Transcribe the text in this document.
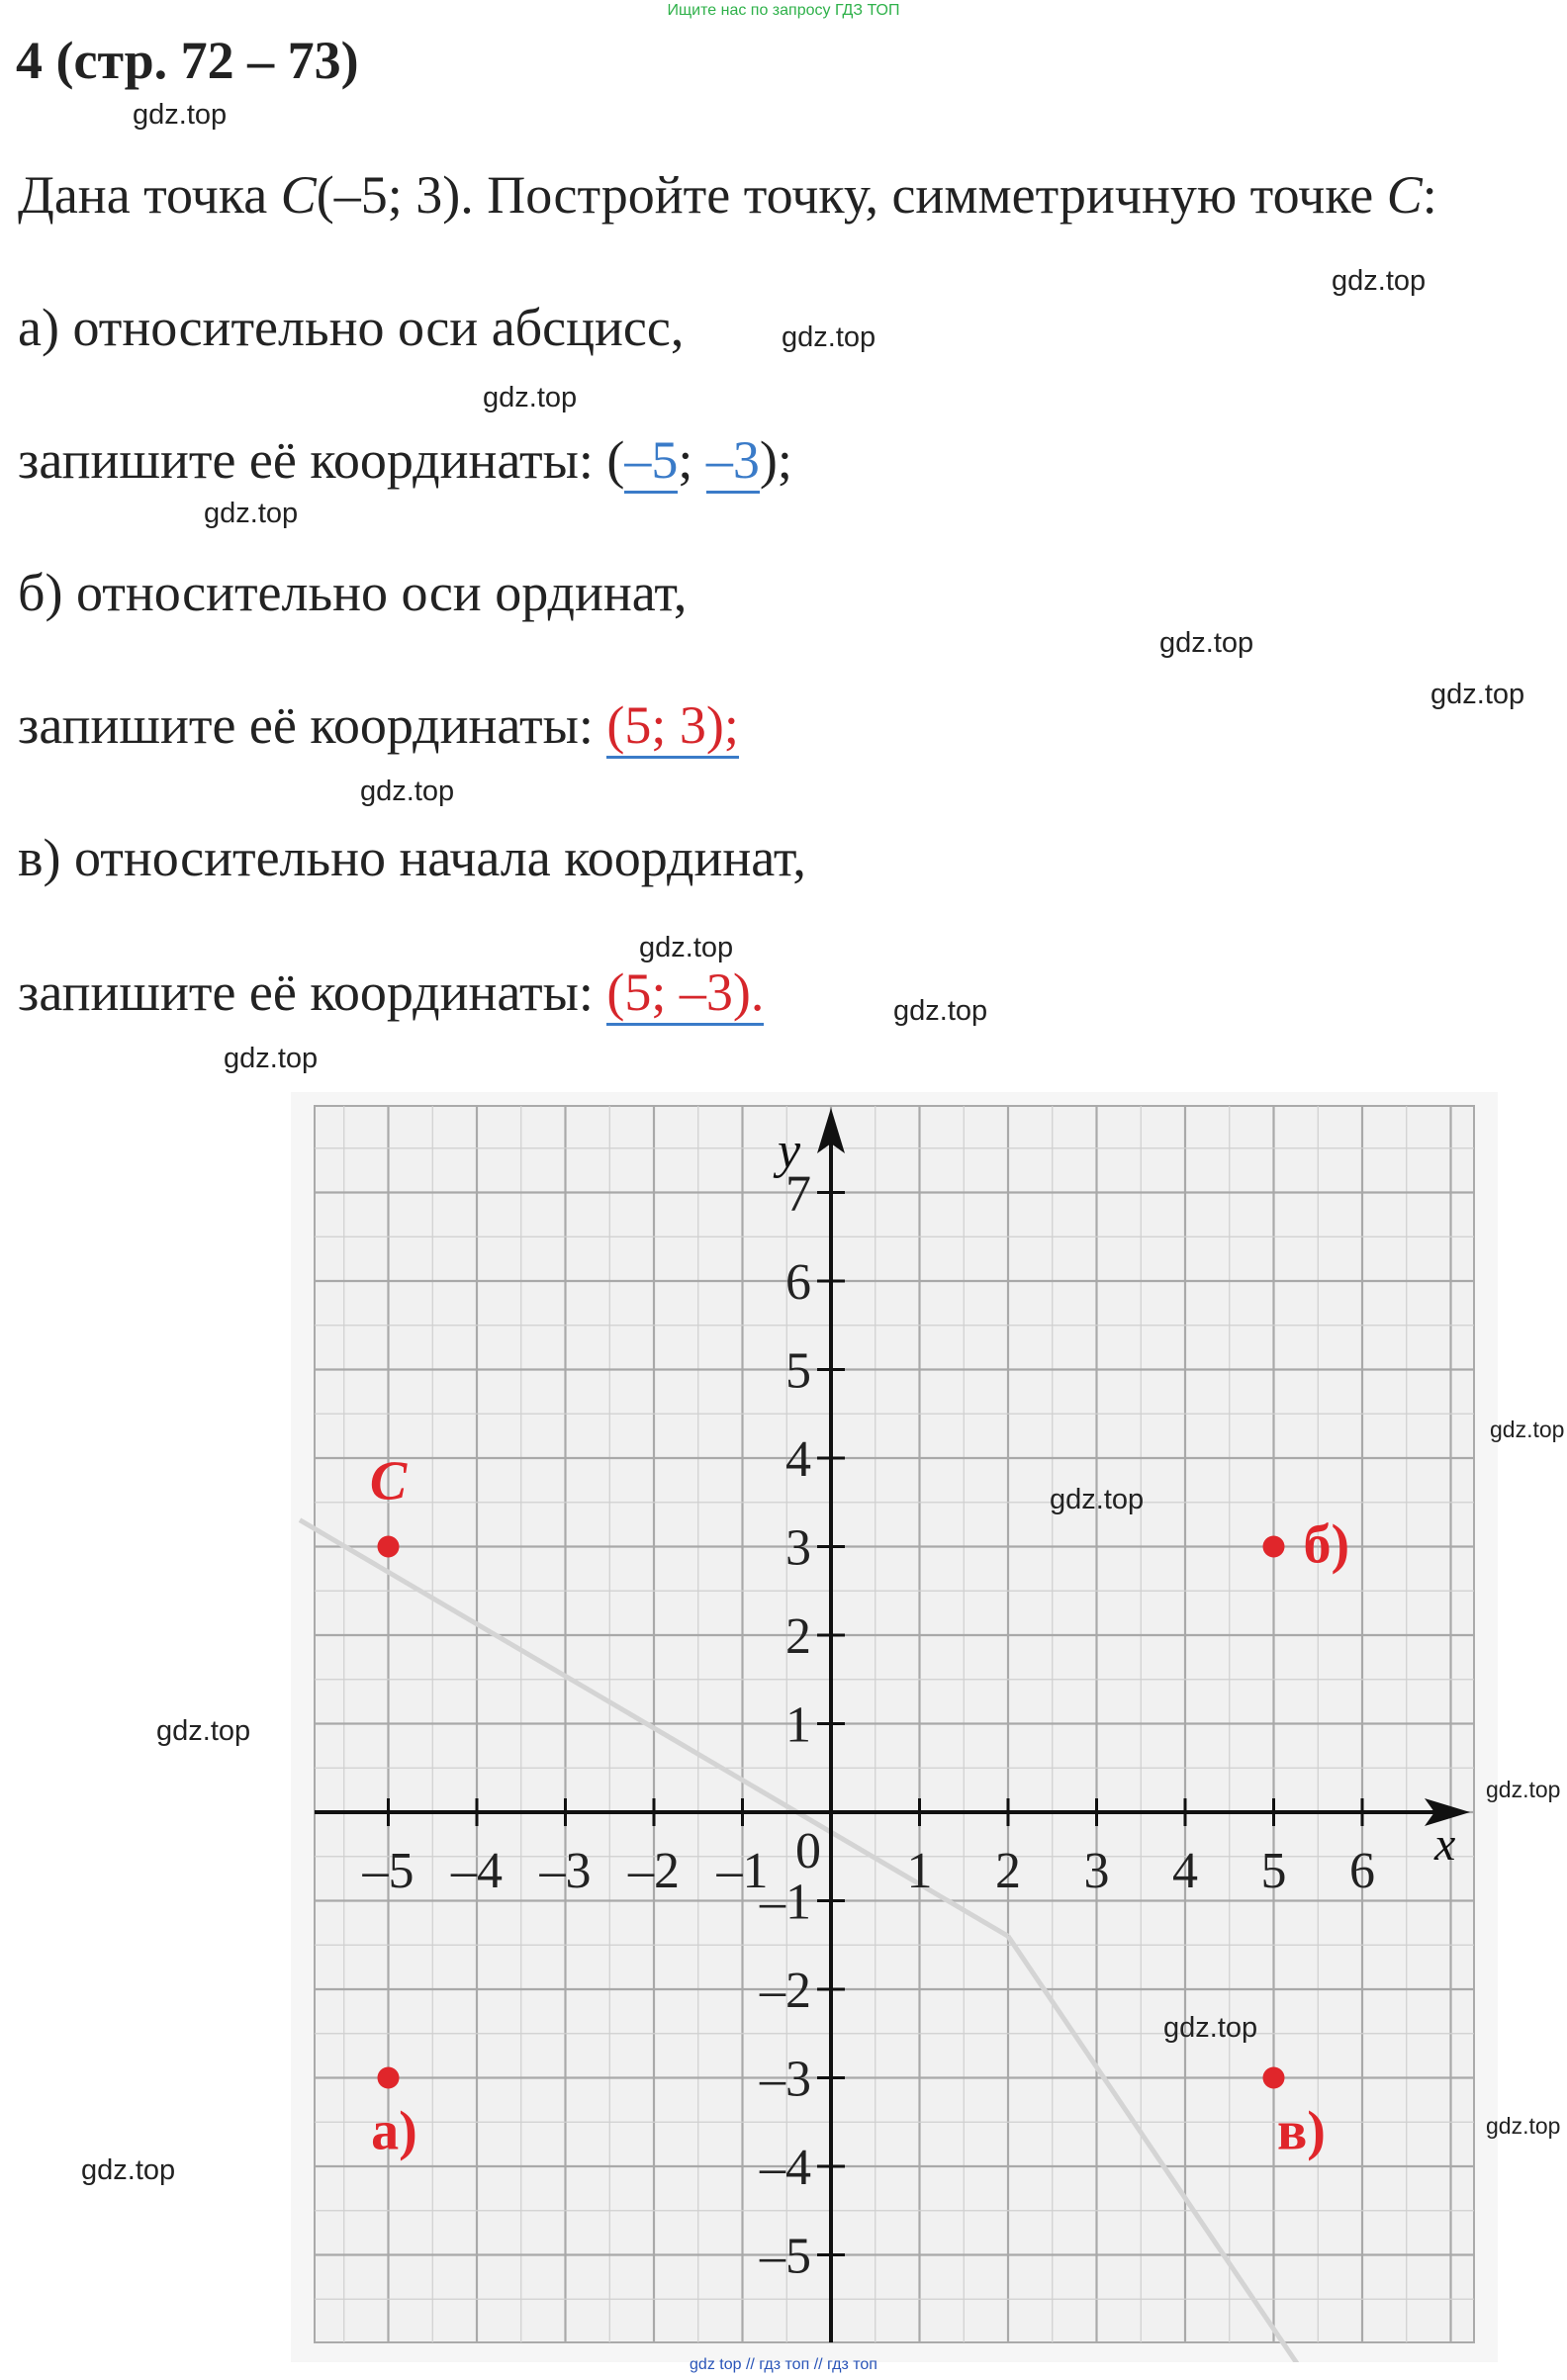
Ищите нас по запросу ГДЗ ТОП
4 (стр. 72 – 73)
gdz.top
Дана точка C(–5; 3). Постройте точку, симметричную точке C:
gdz.top
а) относительно оси абсцисс,	gdz.top
gdz.top
запишите её координаты: (–5; –3);
gdz.top
б) относительно оси ординат,
gdz.top
gdz.top
запишите её координаты: (5; 3);
gdz.top
в) относительно начала координат,
gdz.top
запишите её координаты: (5; –3).	gdz.top
gdz.top
x
y
–5 –4 –3 –2 –1	1 2 3 4 5 6
0
7
6
5
4
3
2
1
–1
–2
–3
–4
–5
C
б)
а)	в)
gdz.top
gdz.top
gdz.top
gdz.top
gdz.top
gdz.top
gdz.top
gdz top // гдз топ // гдз топ
